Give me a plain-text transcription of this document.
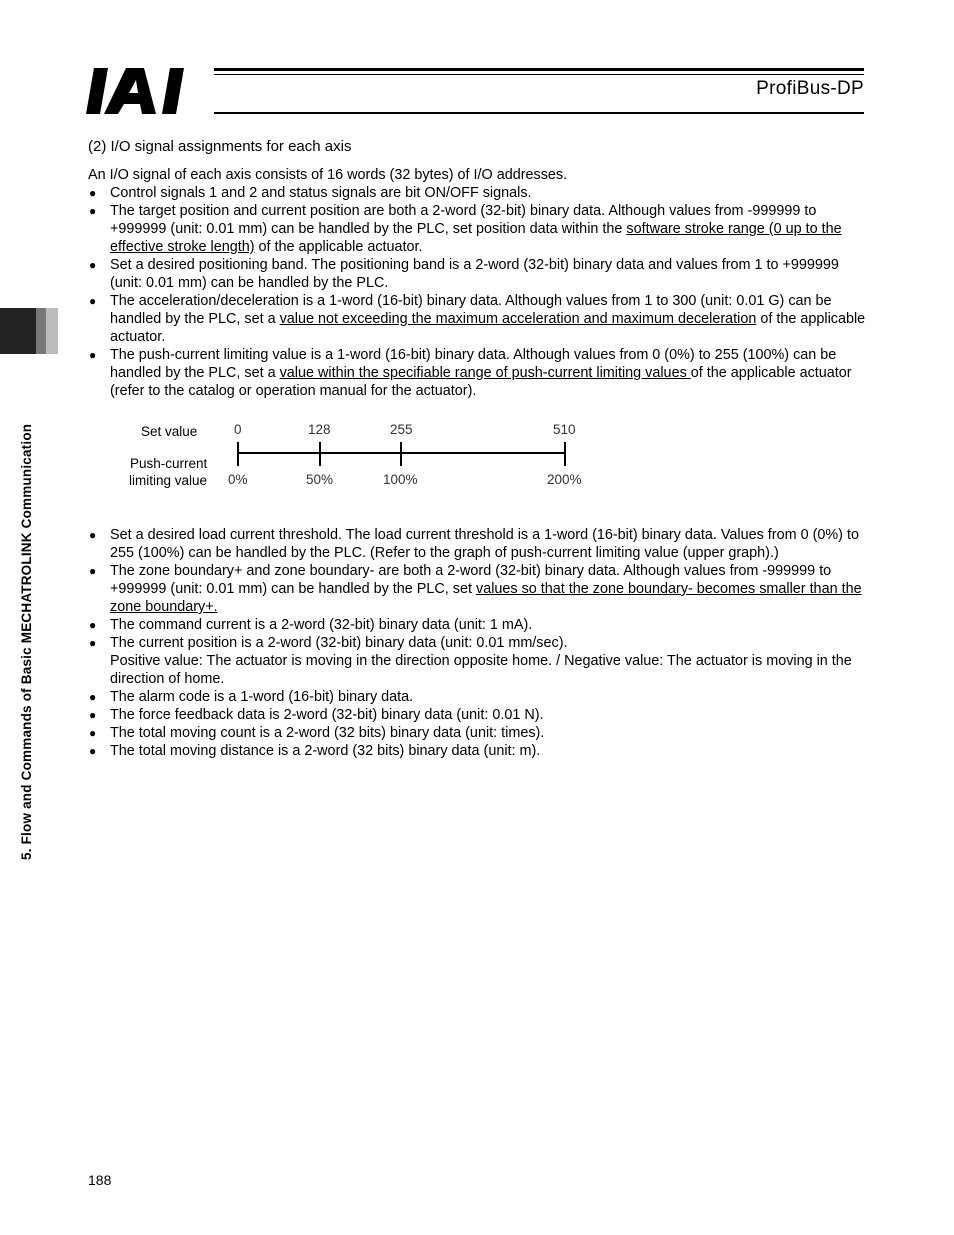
ProfiBus-DP
5. Flow and Commands of Basic MECHATROLINK Communication
(2) I/O signal assignments for each axis

An I/O signal of each axis consists of 16 words (32 bytes) of I/O addresses.

● Control signals 1 and 2 and status signals are bit ON/OFF signals.
● The target position and current position are both a 2-word (32-bit) binary data. Although values from -999999 to +999999 (unit: 0.01 mm) can be handled by the PLC, set position data within the software stroke range (0 up to the effective stroke length) of the applicable actuator.
● Set a desired positioning band. The positioning band is a 2-word (32-bit) binary data and values from 1 to +999999 (unit: 0.01 mm) can be handled by the PLC.
● The acceleration/deceleration is a 1-word (16-bit) binary data. Although values from 1 to 300 (unit: 0.01 G) can be handled by the PLC, set a value not exceeding the maximum acceleration and maximum deceleration of the applicable actuator.
● The push-current limiting value is a 1-word (16-bit) binary data. Although values from 0 (0%) to 255 (100%) can be handled by the PLC, set a value within the specifiable range of push-current limiting values of the applicable actuator (refer to the catalog or operation manual for the actuator).
Set value
Push-current
limiting value
0	128	255	510
0%	50%	100%	200%
● Set a desired load current threshold. The load current threshold is a 1-word (16-bit) binary data. Values from 0 (0%) to 255 (100%) can be handled by the PLC. (Refer to the graph of push-current limiting value (upper graph).)
● The zone boundary+ and zone boundary- are both a 2-word (32-bit) binary data. Although values from -999999 to +999999 (unit: 0.01 mm) can be handled by the PLC, set values so that the zone boundary- becomes smaller than the zone boundary+.
● The command current is a 2-word (32-bit) binary data (unit: 1 mA).
● The current position is a 2-word (32-bit) binary data (unit: 0.01 mm/sec).
Positive value: The actuator is moving in the direction opposite home. / Negative value: The actuator is moving in the direction of home.
● The alarm code is a 1-word (16-bit) binary data.
● The force feedback data is 2-word (32-bit) binary data (unit: 0.01 N).
● The total moving count is a 2-word (32 bits) binary data (unit: times).
● The total moving distance is a 2-word (32 bits) binary data (unit: m).
188
